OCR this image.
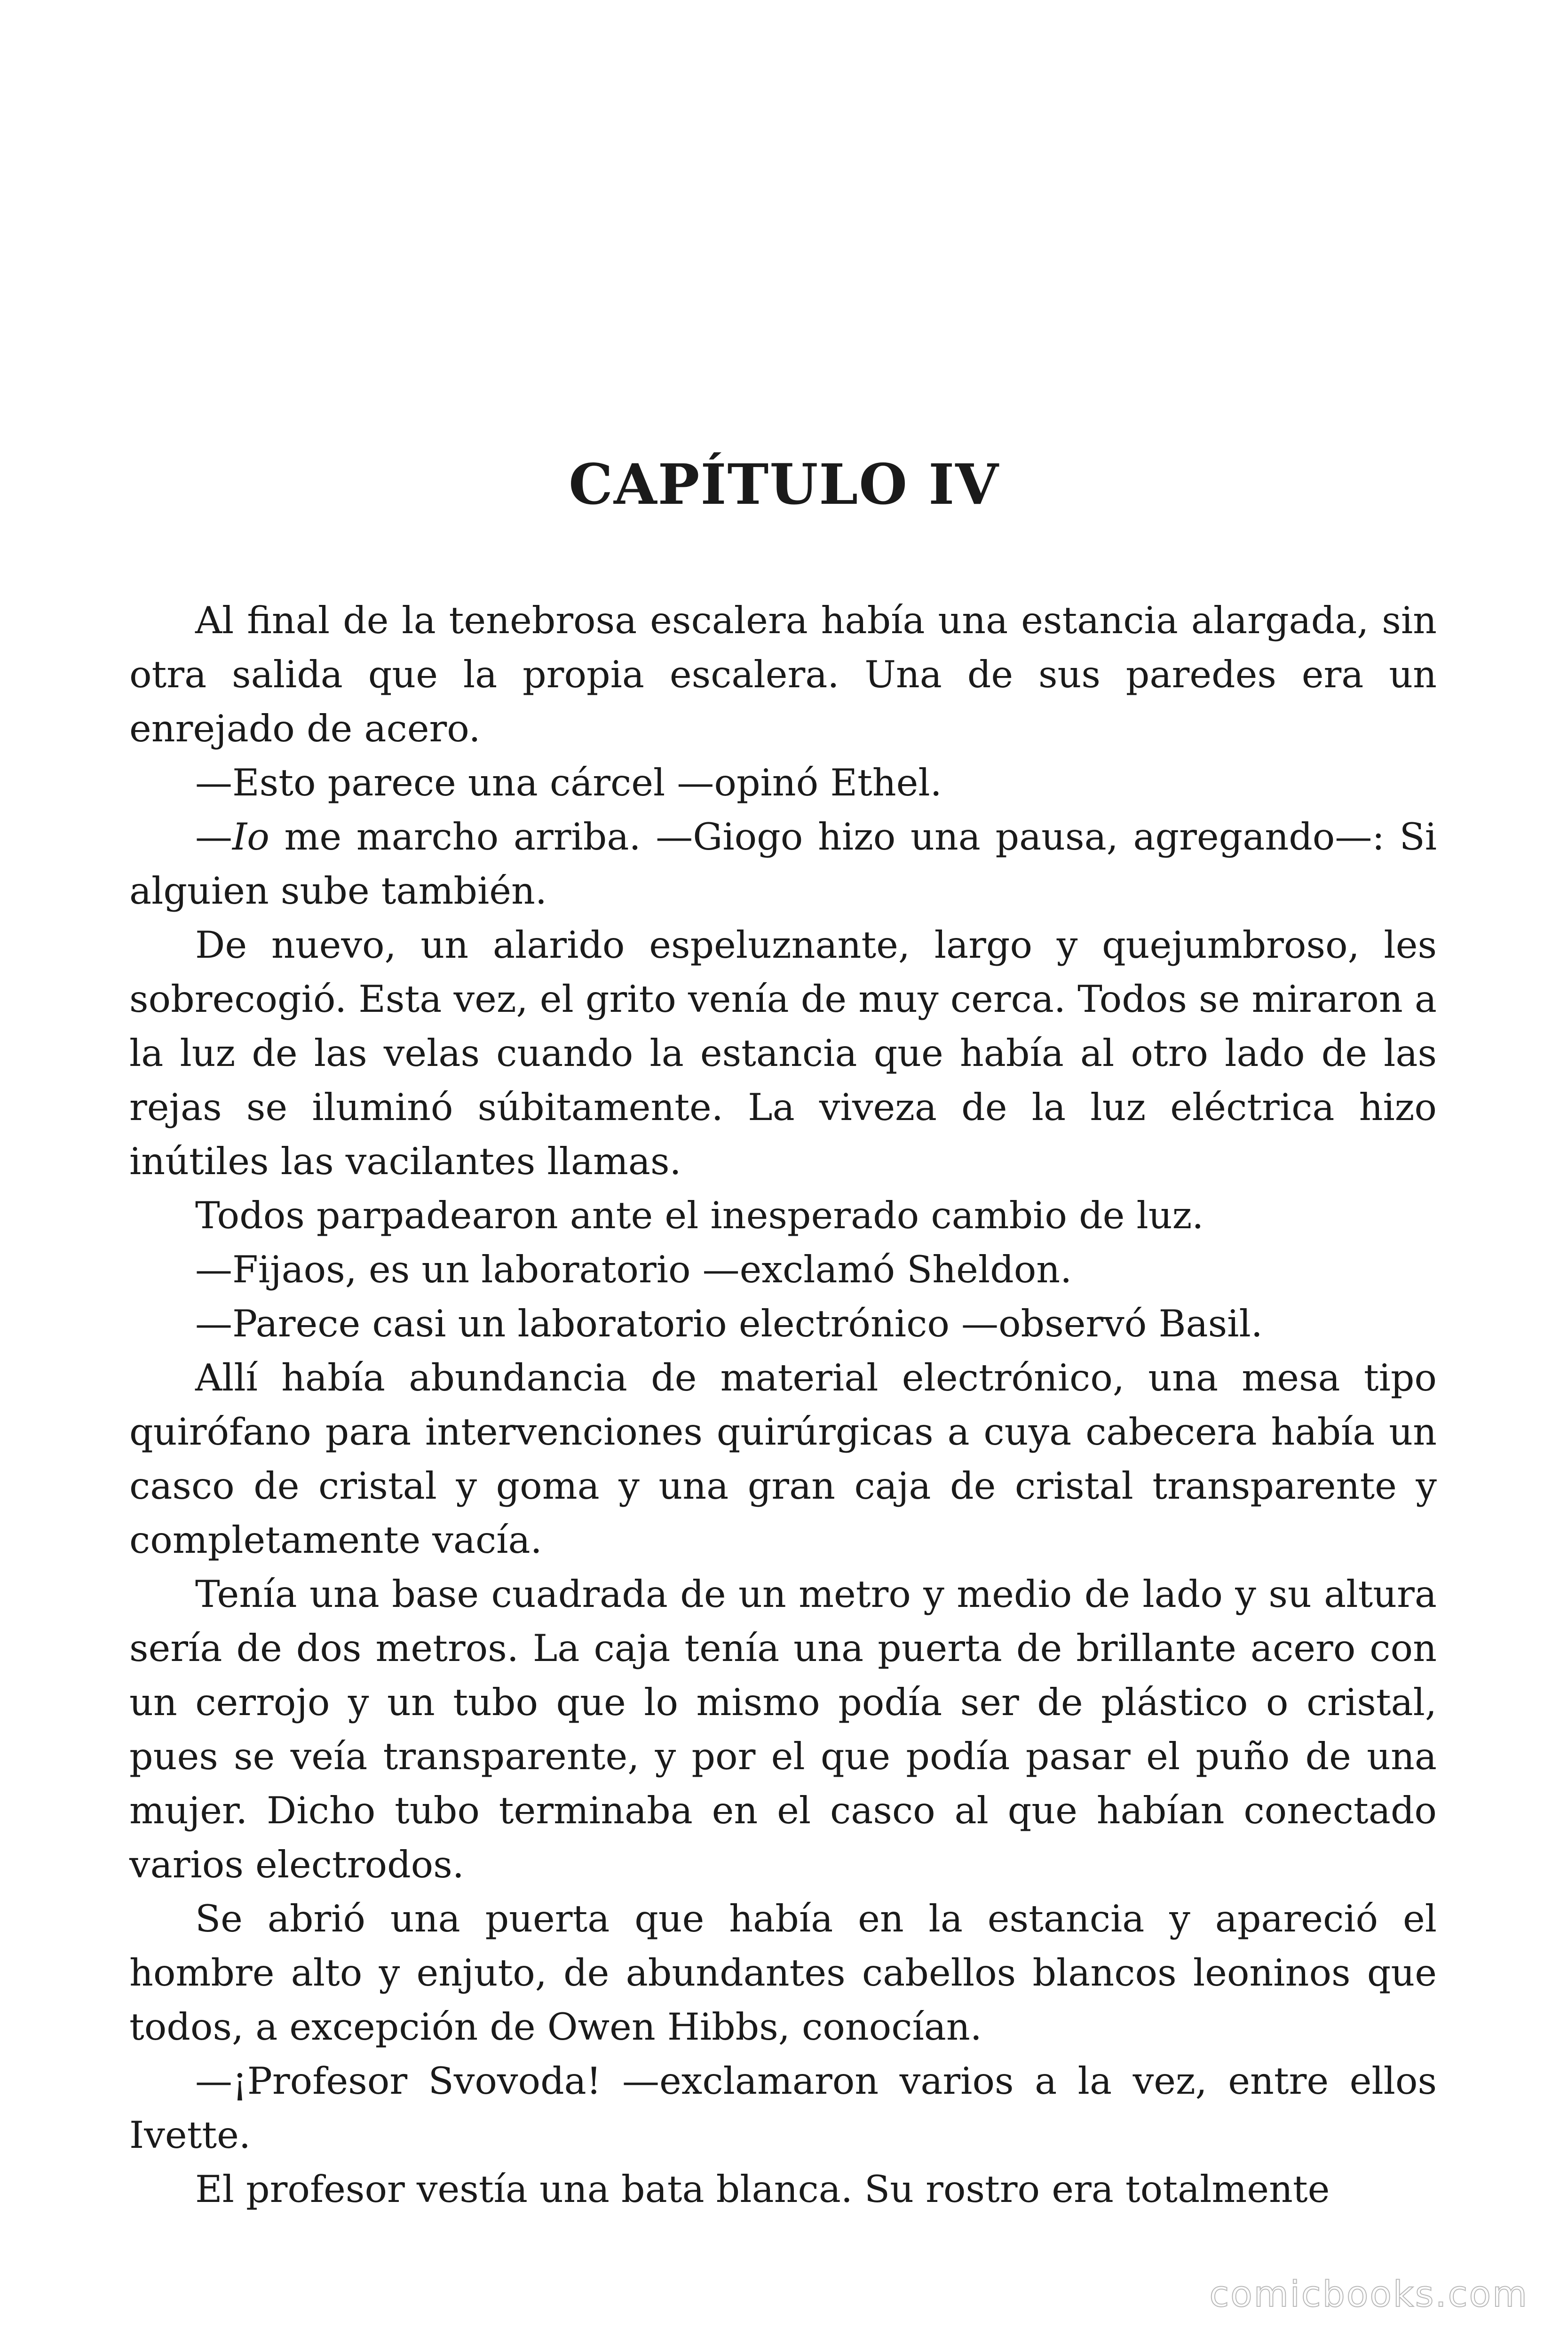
CAPÍTULO IV

Al final de la tenebrosa escalera había una estancia alargada, sin otra salida que la propia escalera. Una de sus paredes era un enrejado de acero.

—Esto parece una cárcel —opinó Ethel.

—Io me marcho arriba. —Giogo hizo una pausa, agregando—: Si alguien sube también.

De nuevo, un alarido espeluznante, largo y quejumbroso, les sobrecogió. Esta vez, el grito venía de muy cerca. Todos se miraron a la luz de las velas cuando la estancia que había al otro lado de las rejas se iluminó súbitamente. La viveza de la luz eléctrica hizo inútiles las vacilantes llamas.

Todos parpadearon ante el inesperado cambio de luz.

—Fijaos, es un laboratorio —exclamó Sheldon.

—Parece casi un laboratorio electrónico —observó Basil.

Allí había abundancia de material electrónico, una mesa tipo quirófano para intervenciones quirúrgicas a cuya cabecera había un casco de cristal y goma y una gran caja de cristal transparente y completamente vacía.

Tenía una base cuadrada de un metro y medio de lado y su altura sería de dos metros. La caja tenía una puerta de brillante acero con un cerrojo y un tubo que lo mismo podía ser de plástico o cristal, pues se veía transparente, y por el que podía pasar el puño de una mujer. Dicho tubo terminaba en el casco al que habían conectado varios electrodos.

Se abrió una puerta que había en la estancia y apareció el hombre alto y enjuto, de abundantes cabellos blancos leoninos que todos, a excepción de Owen Hibbs, conocían.

—¡Profesor Svovoda! —exclamaron varios a la vez, entre ellos Ivette.

El profesor vestía una bata blanca. Su rostro era totalmente

comicbooks.com
